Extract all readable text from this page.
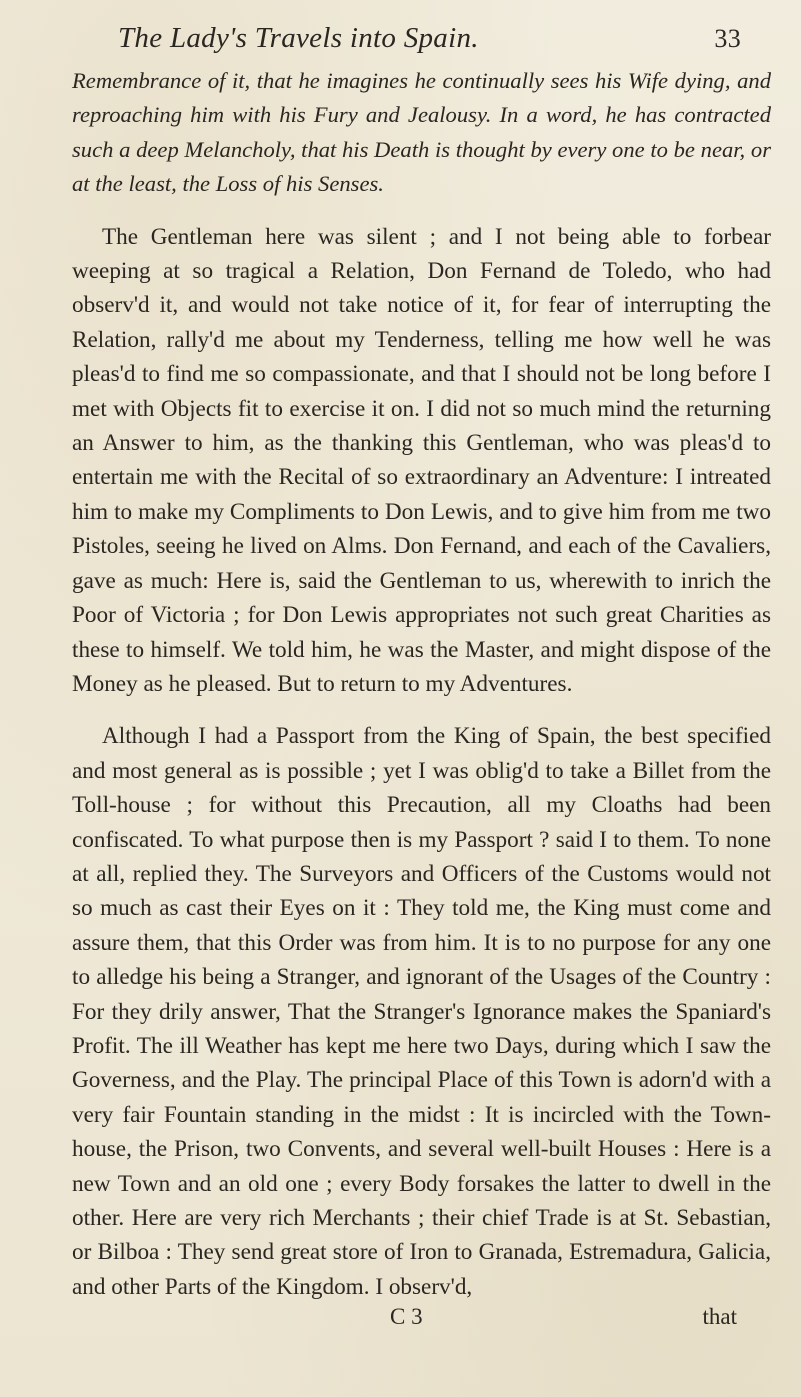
The Lady's Travels into Spain.	33

Remembrance of it, that he imagines he continually sees his Wife dying, and reproaching him with his Fury and Jealousy. In a word, he has contracted such a deep Melancholy, that his Death is thought by every one to be near, or at the least, the Loss of his Senses.

The Gentleman here was silent ; and I not being able to forbear weeping at so tragical a Relation, Don Fernand de Toledo, who had observ'd it, and would not take notice of it, for fear of interrupting the Relation, rally'd me about my Tenderness, telling me how well he was pleas'd to find me so compassionate, and that I should not be long before I met with Objects fit to exercise it on. I did not so much mind the returning an Answer to him, as the thanking this Gentleman, who was pleas'd to entertain me with the Recital of so extraordinary an Adventure: I intreated him to make my Compliments to Don Lewis, and to give him from me two Pistoles, seeing he lived on Alms. Don Fernand, and each of the Cavaliers, gave as much: Here is, said the Gentleman to us, wherewith to inrich the Poor of Victoria ; for Don Lewis appropriates not such great Charities as these to himself. We told him, he was the Master, and might dispose of the Money as he pleased. But to return to my Adventures.

Although I had a Passport from the King of Spain, the best specified and most general as is possible ; yet I was oblig'd to take a Billet from the Toll-house ; for without this Precaution, all my Cloaths had been confiscated. To what purpose then is my Passport ? said I to them. To none at all, replied they. The Surveyors and Officers of the Customs would not so much as cast their Eyes on it : They told me, the King must come and assure them, that this Order was from him. It is to no purpose for any one to alledge his being a Stranger, and ignorant of the Usages of the Country : For they drily answer, That the Stranger's Ignorance makes the Spaniard's Profit. The ill Weather has kept me here two Days, during which I saw the Governess, and the Play. The principal Place of this Town is adorn'd with a very fair Fountain standing in the midst : It is incircled with the Town-house, the Prison, two Convents, and several well-built Houses : Here is a new Town and an old one ; every Body forsakes the latter to dwell in the other. Here are very rich Merchants ; their chief Trade is at St. Sebastian, or Bilboa : They send great store of Iron to Granada, Estremadura, Galicia, and other Parts of the Kingdom. I observ'd,

C 3	that
